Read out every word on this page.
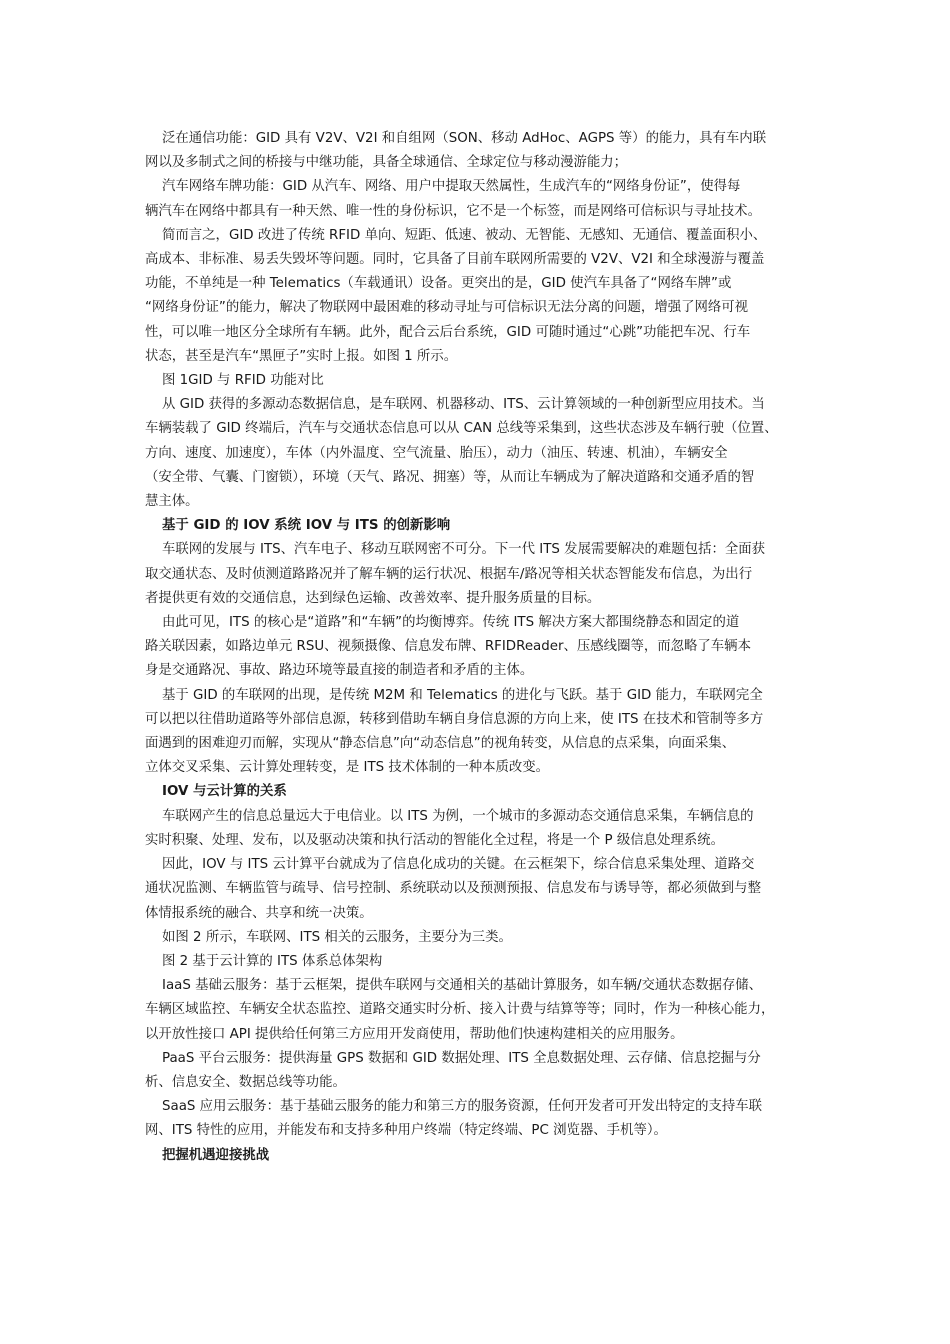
泛在通信功能：GID 具有 V2V、V2I 和自组网（SON、移动 AdHoc、AGPS 等）的能力，具有车内联
网以及多制式之间的桥接与中继功能，具备全球通信、全球定位与移动漫游能力；
汽车网络车牌功能：GID 从汽车、网络、用户中提取天然属性，生成汽车的“网络身份证”，使得每
辆汽车在网络中都具有一种天然、唯一性的身份标识，它不是一个标签，而是网络可信标识与寻址技术。
简而言之，GID 改进了传统 RFID 单向、短距、低速、被动、无智能、无感知、无通信、覆盖面积小、
高成本、非标准、易丢失毁坏等问题。同时，它具备了目前车联网所需要的 V2V、V2I 和全球漫游与覆盖
功能，不单纯是一种 Telematics（车载通讯）设备。更突出的是，GID 使汽车具备了“网络车牌”或
“网络身份证”的能力，解决了物联网中最困难的移动寻址与可信标识无法分离的问题，增强了网络可视
性，可以唯一地区分全球所有车辆。此外，配合云后台系统，GID 可随时通过“心跳”功能把车况、行车
状态，甚至是汽车“黑匣子”实时上报。如图 1 所示。
图 1GID 与 RFID 功能对比
从 GID 获得的多源动态数据信息，是车联网、机器移动、ITS、云计算领域的一种创新型应用技术。当
车辆装载了 GID 终端后，汽车与交通状态信息可以从 CAN 总线等采集到，这些状态涉及车辆行驶（位置、
方向、速度、加速度），车体（内外温度、空气流量、胎压），动力（油压、转速、机油），车辆安全
（安全带、气囊、门窗锁），环境（天气、路况、拥塞）等，从而让车辆成为了解决道路和交通矛盾的智
慧主体。
基于 GID 的 IOV 系统 IOV 与 ITS 的创新影响
车联网的发展与 ITS、汽车电子、移动互联网密不可分。下一代 ITS 发展需要解决的难题包括：全面获
取交通状态、及时侦测道路路况并了解车辆的运行状况、根据车/路况等相关状态智能发布信息，为出行
者提供更有效的交通信息，达到绿色运输、改善效率、提升服务质量的目标。
由此可见，ITS 的核心是“道路”和“车辆”的均衡博弈。传统 ITS 解决方案大都围绕静态和固定的道
路关联因素，如路边单元 RSU、视频摄像、信息发布牌、RFIDReader、压感线圈等，而忽略了车辆本
身是交通路况、事故、路边环境等最直接的制造者和矛盾的主体。
基于 GID 的车联网的出现，是传统 M2M 和 Telematics 的进化与飞跃。基于 GID 能力，车联网完全
可以把以往借助道路等外部信息源，转移到借助车辆自身信息源的方向上来，使 ITS 在技术和管制等多方
面遇到的困难迎刃而解，实现从“静态信息”向“动态信息”的视角转变，从信息的点采集，向面采集、
立体交叉采集、云计算处理转变，是 ITS 技术体制的一种本质改变。
IOV 与云计算的关系
车联网产生的信息总量远大于电信业。以 ITS 为例，一个城市的多源动态交通信息采集，车辆信息的
实时积聚、处理、发布，以及驱动决策和执行活动的智能化全过程，将是一个 P 级信息处理系统。
因此，IOV 与 ITS 云计算平台就成为了信息化成功的关键。在云框架下，综合信息采集处理、道路交
通状况监测、车辆监管与疏导、信号控制、系统联动以及预测预报、信息发布与诱导等，都必须做到与整
体情报系统的融合、共享和统一决策。
如图 2 所示，车联网、ITS 相关的云服务，主要分为三类。
图 2 基于云计算的 ITS 体系总体架构
IaaS 基础云服务：基于云框架，提供车联网与交通相关的基础计算服务，如车辆/交通状态数据存储、
车辆区域监控、车辆安全状态监控、道路交通实时分析、接入计费与结算等等；同时，作为一种核心能力，
以开放性接口 API 提供给任何第三方应用开发商使用，帮助他们快速构建相关的应用服务。
PaaS 平台云服务：提供海量 GPS 数据和 GID 数据处理、ITS 全息数据处理、云存储、信息挖掘与分
析、信息安全、数据总线等功能。
SaaS 应用云服务：基于基础云服务的能力和第三方的服务资源，任何开发者可开发出特定的支持车联
网、ITS 特性的应用，并能发布和支持多种用户终端（特定终端、PC 浏览器、手机等）。
把握机遇迎接挑战
